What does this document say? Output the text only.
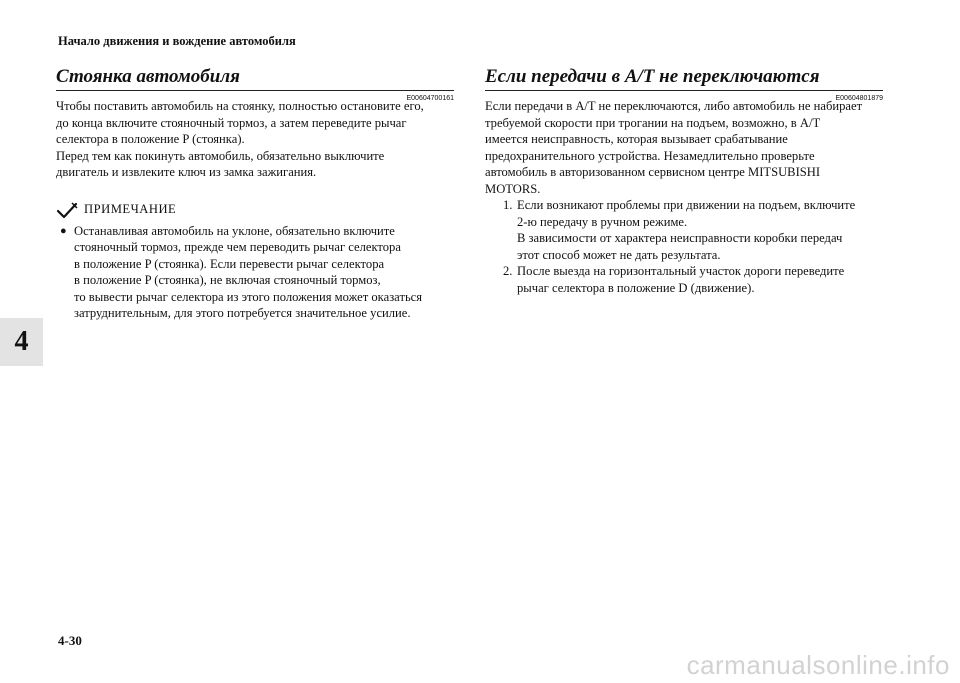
Начало движения и вождение автомобиля
4
Стоянка автомобиля
E00604700161
Чтобы поставить автомобиль на стоянку, полностью остановите его,
до конца включите стояночный тормоз, а затем переведите рычаг
селектора в положение P (стоянка).
Перед тем как покинуть автомобиль, обязательно выключите
двигатель и извлеките ключ из замка зажигания.
ПРИМЕЧАНИЕ
● Останавливая автомобиль на уклоне, обязательно включите
стояночный тормоз, прежде чем переводить рычаг селектора
в положение P (стоянка). Если перевести рычаг селектора
в положение P (стоянка), не включая стояночный тормоз,
то вывести рычаг селектора из этого положения может оказаться
затруднительным, для этого потребуется значительное усилие.
Если передачи в A/T не переключаются
E00604801879
Если передачи в A/T не переключаются, либо автомобиль не набирает
требуемой скорости при трогании на подъем, возможно, в A/T
имеется неисправность, которая вызывает срабатывание
предохранительного устройства. Незамедлительно проверьте
автомобиль в авторизованном сервисном центре MITSUBISHI
MOTORS.
1. Если возникают проблемы при движении на подъем, включите
2-ю передачу в ручном режиме.
В зависимости от характера неисправности коробки передач
этот способ может не дать результата.
2. После выезда на горизонтальный участок дороги переведите
рычаг селектора в положение D (движение).
4-30
carmanualsonline.info
